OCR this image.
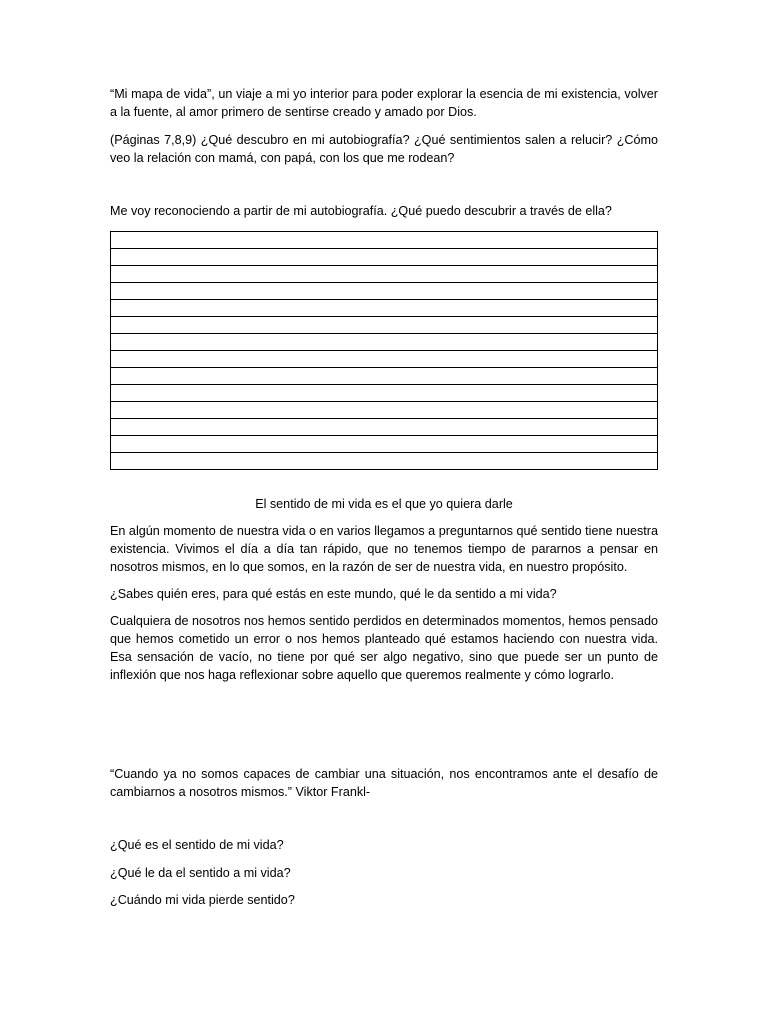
“Mi mapa de vida”, un viaje a mi yo interior para poder explorar la esencia de mi existencia, volver a la fuente, al amor primero de sentirse creado y amado por Dios.

(Páginas 7,8,9) ¿Qué descubro en mi autobiografía? ¿Qué sentimientos salen a relucir? ¿Cómo veo la relación con mamá, con papá, con los que me rodean?

Me voy reconociendo a partir de mi autobiografía. ¿Qué puedo descubrir a través de ella?

El sentido de mi vida es el que yo quiera darle

En algún momento de nuestra vida o en varios llegamos a preguntarnos qué sentido tiene nuestra existencia. Vivimos el día a día tan rápido, que no tenemos tiempo de pararnos a pensar en nosotros mismos, en lo que somos, en la razón de ser de nuestra vida, en nuestro propósito.

¿Sabes quién eres, para qué estás en este mundo, qué le da sentido a mi vida?

Cualquiera de nosotros nos hemos sentido perdidos en determinados momentos, hemos pensado que hemos cometido un error o nos hemos planteado qué estamos haciendo con nuestra vida. Esa sensación de vacío, no tiene por qué ser algo negativo, sino que puede ser un punto de inflexión que nos haga reflexionar sobre aquello que queremos realmente y cómo lograrlo.

“Cuando ya no somos capaces de cambiar una situación, nos encontramos ante el desafío de cambiarnos a nosotros mismos.” Viktor Frankl-

¿Qué es el sentido de mi vida?

¿Qué le da el sentido a mi vida?

¿Cuándo mi vida pierde sentido?
